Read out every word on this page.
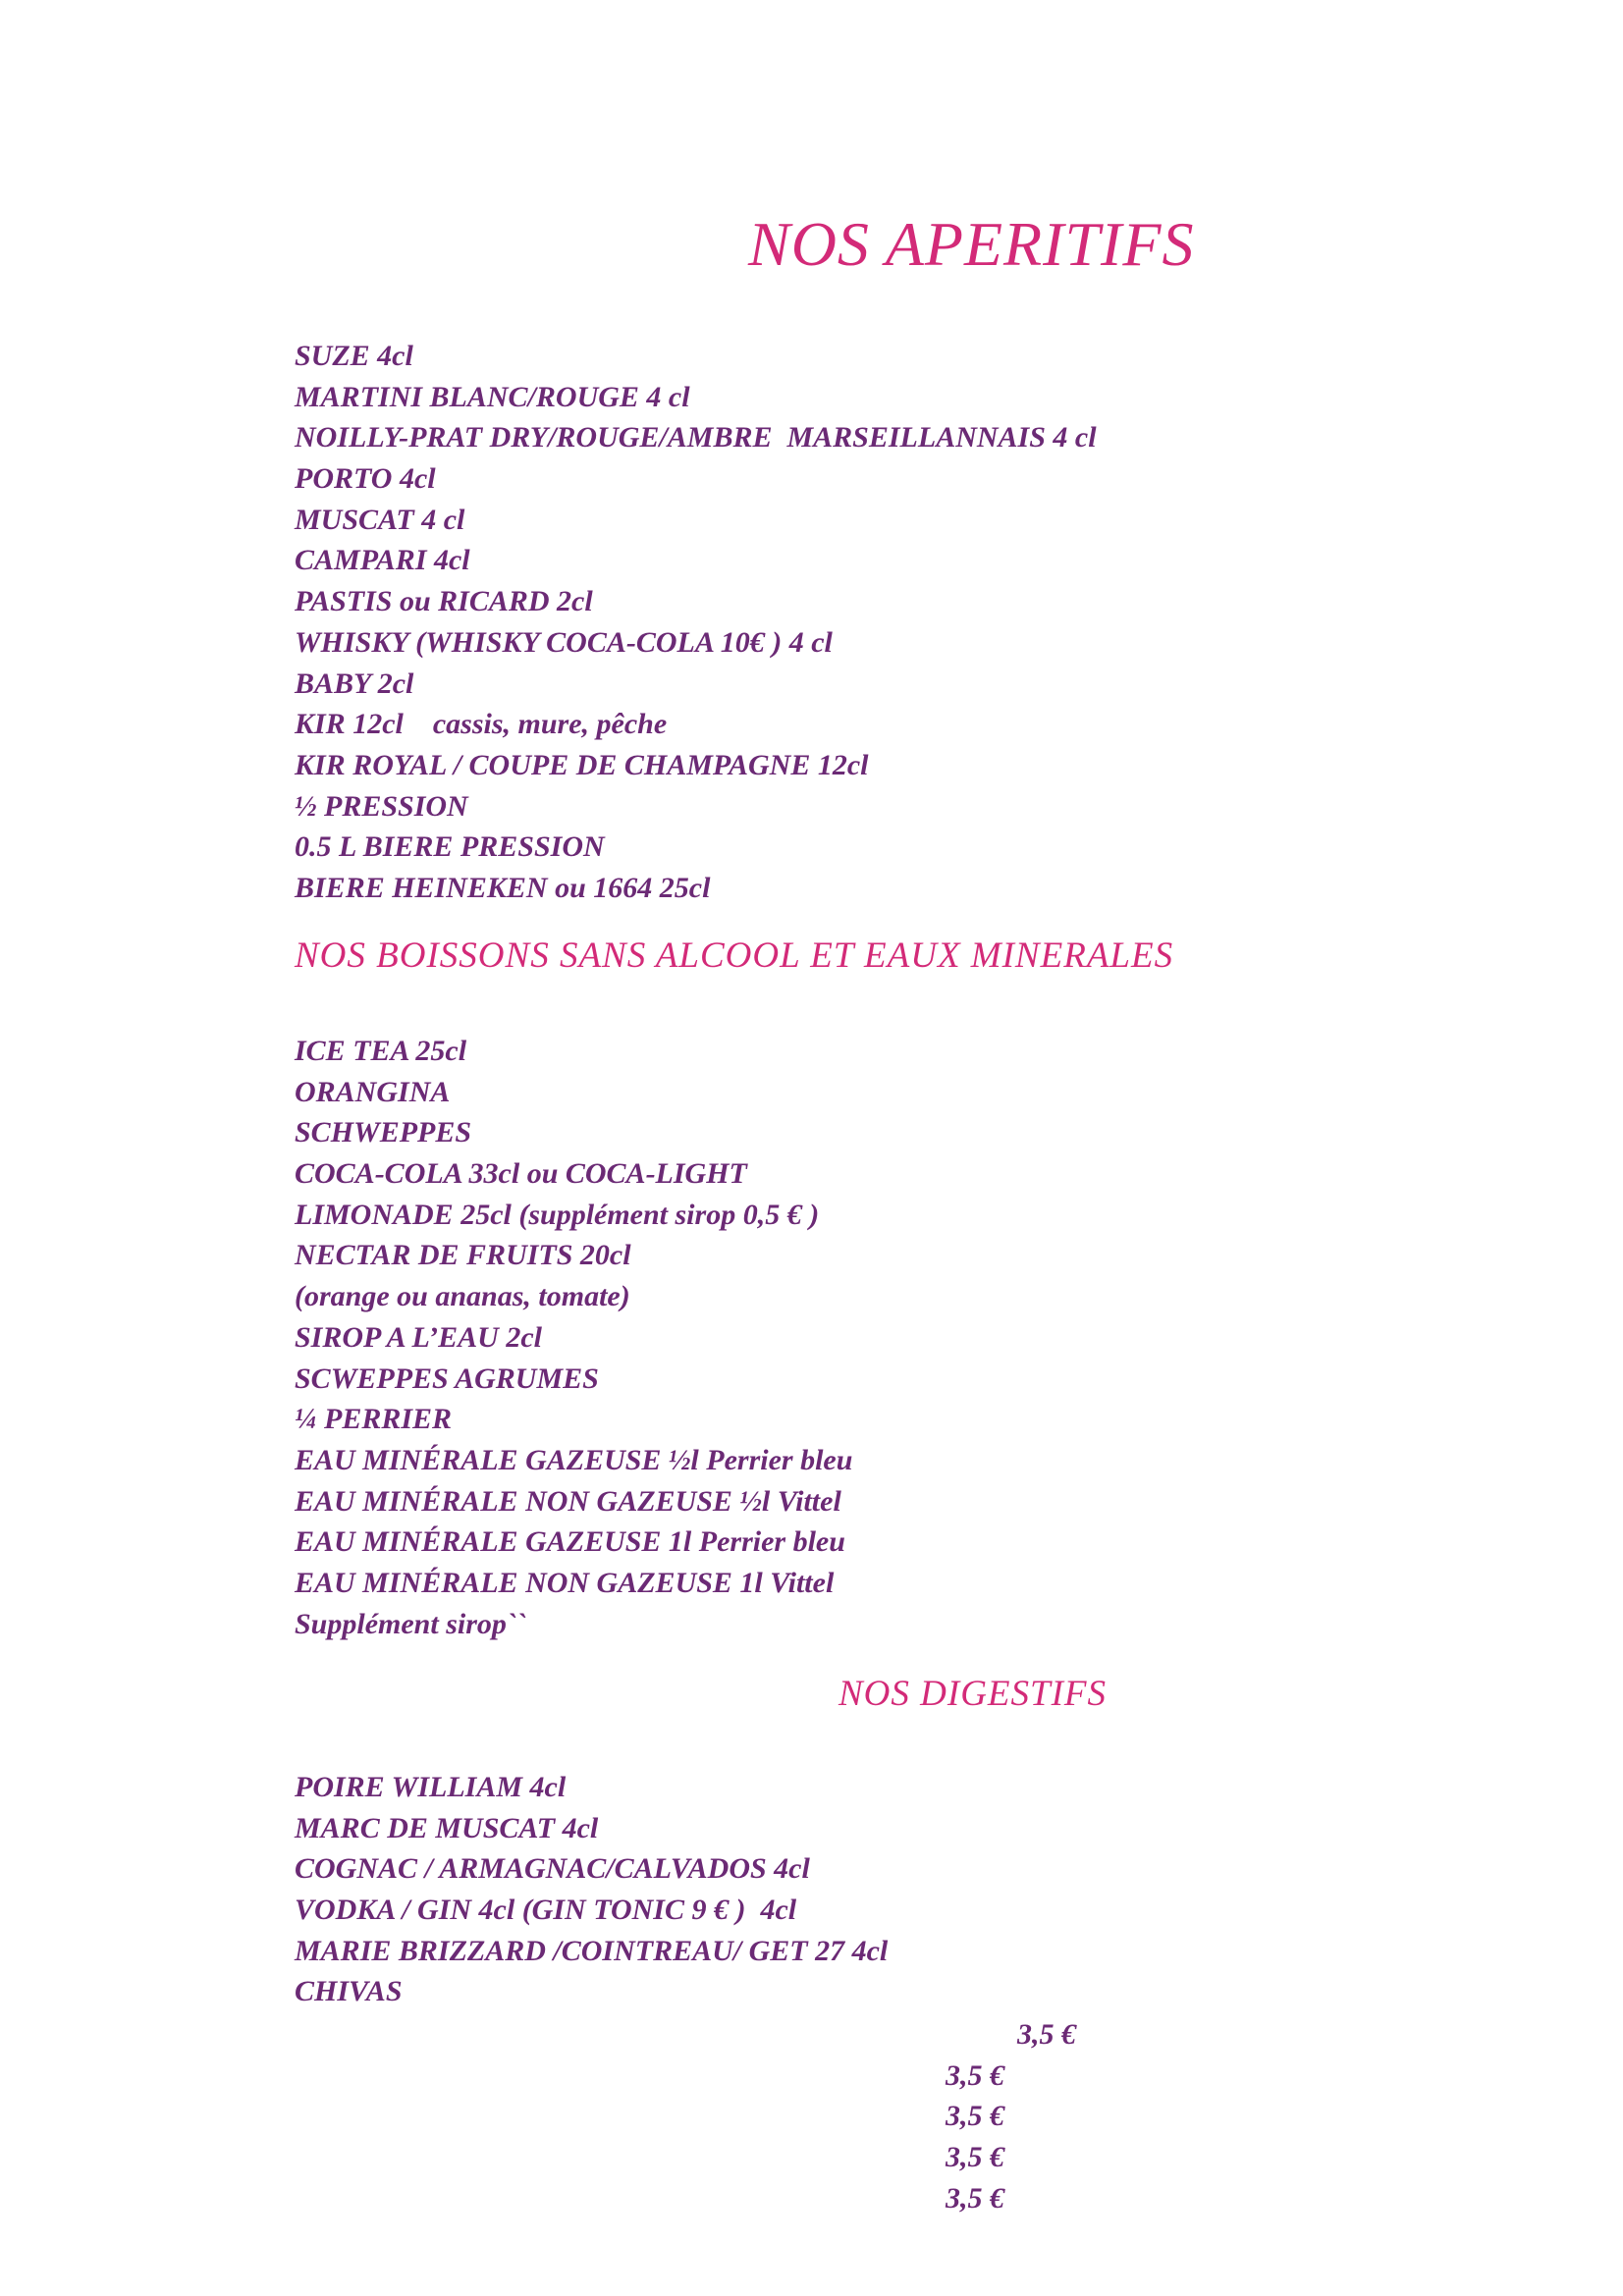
NOS APERITIFS
SUZE 4cl
MARTINI BLANC/ROUGE 4 cl
NOILLY-PRAT DRY/ROUGE/AMBRE  MARSEILLANNAIS 4 cl
PORTO 4cl
MUSCAT 4 cl
CAMPARI 4cl
PASTIS ou RICARD 2cl
WHISKY (WHISKY COCA-COLA 10€ ) 4 cl
BABY 2cl
KIR 12cl    cassis, mure, pêche
KIR ROYAL / COUPE DE CHAMPAGNE 12cl
½ PRESSION
0.5 L BIERE PRESSION
BIERE HEINEKEN ou 1664 25cl
NOS BOISSONS SANS ALCOOL ET EAUX MINERALES
ICE TEA 25cl
ORANGINA
SCHWEPPES
COCA-COLA 33cl ou COCA-LIGHT
LIMONADE 25cl (supplément sirop 0,5 € )
NECTAR DE FRUITS 20cl
(orange ou ananas, tomate)
SIROP A L’EAU 2cl
SCWEPPES AGRUMES
¼ PERRIER
EAU MINÉRALE GAZEUSE ½l Perrier bleu
EAU MINÉRALE NON GAZEUSE ½l Vittel
EAU MINÉRALE GAZEUSE 1l Perrier bleu
EAU MINÉRALE NON GAZEUSE 1l Vittel
Supplément sirop``
NOS DIGESTIFS
POIRE WILLIAM 4cl
MARC DE MUSCAT 4cl
COGNAC / ARMAGNAC/CALVADOS 4cl
VODKA / GIN 4cl (GIN TONIC 9 € )  4cl
MARIE BRIZZARD /COINTREAU/ GET 27 4cl
CHIVAS
3,5 €
3,5 €
3,5 €
3,5 €
3,5 €
